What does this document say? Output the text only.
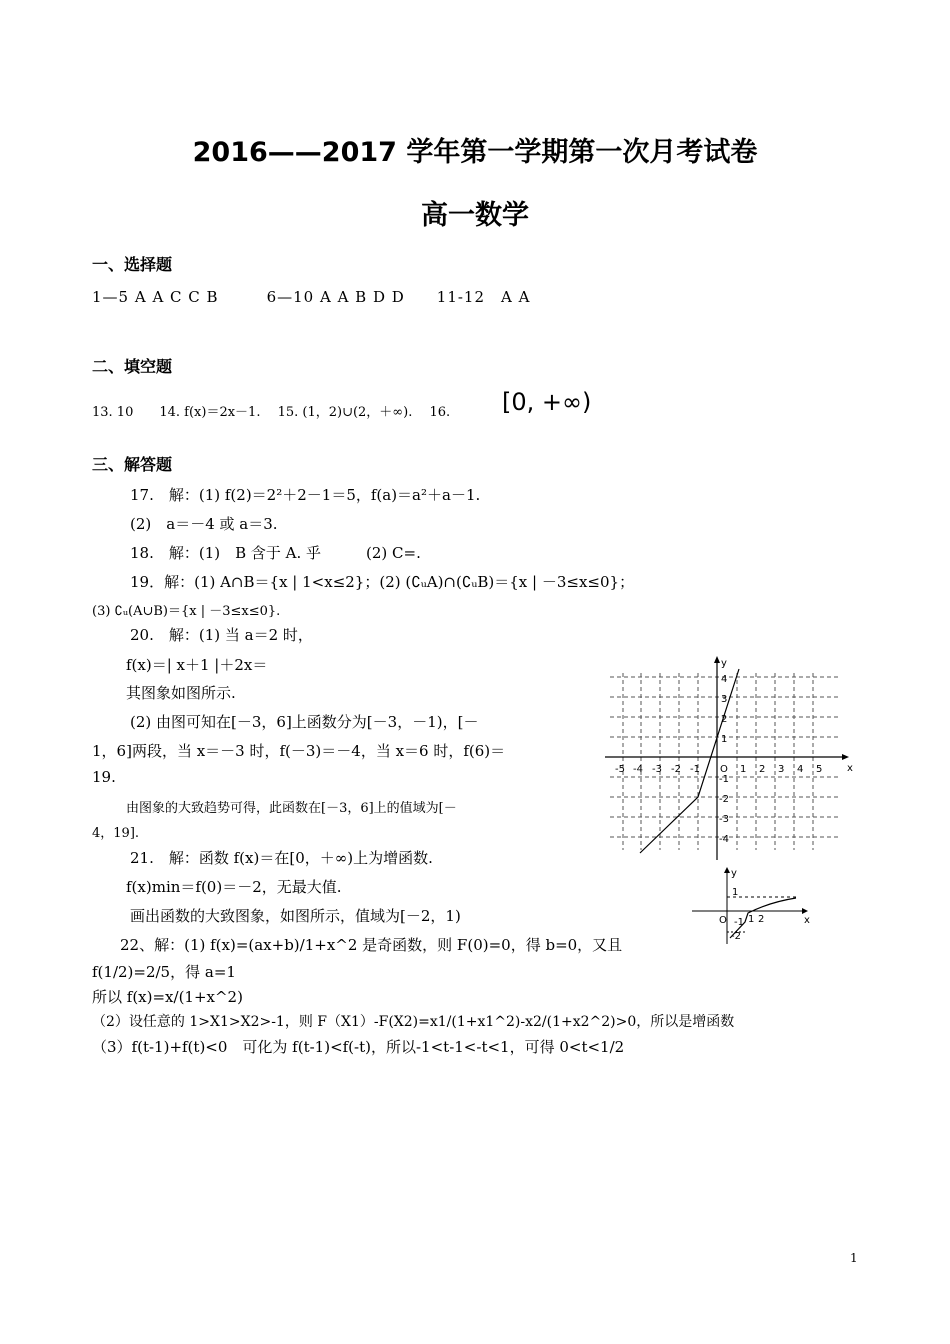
2016——2017 学年第一学期第一次月考试卷
高一数学
一、选择题
1—5 A A C C B　　　6—10 A A B D D　　11-12　A A
二、填空题
13. 10　　14. f(x)＝2x－1.　 15. (1，2)∪(2，＋∞).　 16. [0, +∞)
三、解答题
17.　解：(1) f(2)＝2²＋2－1＝5，f(a)＝a²＋a－1.
(2)　a＝－4 或 a＝3.
18.　解：(1)　B 含于 A. 乎　　　(2) C=.
19．解：(1) A∩B＝{x | 1<x≤2}；(2) (∁ᵤA)∩(∁ᵤB)＝{x | －3≤x≤0}；
(3) ∁ᵤ(A∪B)＝{x | －3≤x≤0}.
20.　解：(1) 当 a＝2 时，
f(x)＝| x＋1 |＋2x＝
其图象如图所示.
(2) 由图可知在[－3，6]上函数分为[－3，－1)，[－
1，6]两段，当 x＝－3 时，f(－3)＝－4，当 x＝6 时，f(6)＝
19.
由图象的大致趋势可得，此函数在[－3，6]上的值域为[－
4，19].
21.　解：函数 f(x)＝在[0，＋∞)上为增函数.
f(x)min＝f(0)＝－2，无最大值.
画出函数的大致图象，如图所示，值域为[－2，1)
22、解：(1) f(x)=(ax+b)/1+x^2 是奇函数，则 F(0)=0，得 b=0，又且
f(1/2)=2/5，得 a=1
所以 f(x)=x/(1+x^2)
（2）设任意的 1>X1>X2>-1，则 F（X1）-F(X2)=x1/(1+x1^2)-x2/(1+x2^2)>0，所以是增函数
（3）f(t-1)+f(t)<0　可化为 f(t-1)<f(-t)，所以-1<t-1<-t<1，可得 0<t<1/2
x
y
O
-5 -4 -3 -2 -1	1 2 3 4 5
4
3
2
1
-1
-2
-3
-4
x
y
O
1
-1 1 2
-2
1
